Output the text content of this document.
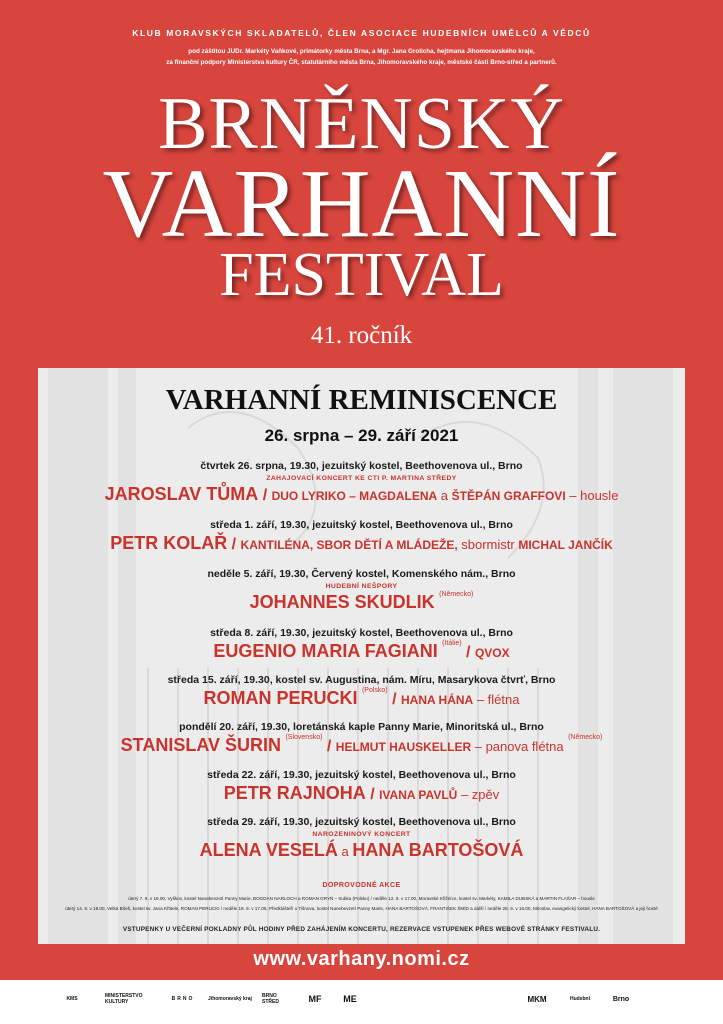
KLUB MORAVSKÝCH SKLADATELŮ, ČLEN ASOCIACE HUDEBNÍCH UMĚLCŮ A VĚDCŮ
pod záštitou JUDr. Markéty Vaňkové, primátorky města Brna, a Mgr. Jana Grolicha, hejtmana Jihomoravského kraje,
za finanční podpory Ministerstva kultury ČR, statutárního města Brna, Jihomoravského kraje, městské části Brno-střed a partnerů.
BRNĚNSKÝ
VARHANNÍ
FESTIVAL
41. ročník
VARHANNÍ REMINISCENCE
26. srpna – 29. září 2021
čtvrtek 26. srpna, 19.30, jezuitský kostel, Beethovenova ul., Brno
ZAHAJOVACÍ KONCERT KE CTI P. MARTINA STŘEDY
JAROSLAV TŮMA / DUO LYRIKO – MAGDALENA a ŠTĚPÁN GRAFFOVI – housle
středa 1. září, 19.30, jezuitský kostel, Beethovenova ul., Brno
PETR KOLAŘ / KANTILÉNA, SBOR DĚTÍ A MLÁDEŽE, sbormistr MICHAL JANČÍK
neděle 5. září, 19.30, Červený kostel, Komenského nám., Brno
HUDEBNÍ NEŠPORY
JOHANNES SKUDLIK $^{(Německo)}$
středa 8. září, 19.30, jezuitský kostel, Beethovenova ul., Brno
EUGENIO MARIA FAGIANI $^{(Itálie)}$ / QVOX
středa 15. září, 19.30, kostel sv. Augustina, nám. Míru, Masarykova čtvrť, Brno
ROMAN PERUCKI $^{(Polsko)}$ / HANA HÁNA – flétna
pondělí 20. září, 19.30, loretánská kaple Panny Marie, Minoritská ul., Brno
STANISLAV ŠURIN $^{(Slovensko)}$ / HELMUT HAUSKELLER – panova flétna $^{(Německo)}$
středa 22. září, 19.30, jezuitský kostel, Beethovenova ul., Brno
PETR RAJNOHA / IVANA PAVLŮ – zpěv
středa 29. září, 19.30, jezuitský kostel, Beethovenova ul., Brno
NAROZENINOVÝ KONCERT
ALENA VESELÁ a HANA BARTOŠOVÁ
DOPROVODNÉ AKCE
úterý 7. 9. v 19.00, Vyškov, kostel Nanebevzetí Panny Marie, BOGDAN NARLOCH a ROMAN GRYŃ – trubka (Polsko) / neděle 12. 9. v 17.00, Moravské Křižníce, kostel sv. Markéty, KAMILA DUBSKÁ a MARTIN FLAŠAR – housle
úterý 14. 9. v 19.00, Velká Bíteš, kostel sv. Jana Křtitele, ROMAN PERUCKI / neděle 19. 9. v 17.00, Předklášteří u Tišnova, kostel Nanebevzetí Panny Marie, HANA BARTOŠOVÁ, FRANTIŠEK ŠMÍD a další / neděle 26. 9. v 16.00, Miroslav, evangelický kostel, HANA BARTOŠOVÁ a její hosté
VSTUPENKY U VEČERNÍ POKLADNY PŮL HODINY PŘED ZAHÁJENÍM KONCERTU, REZERVACE VSTUPENEK PŘES WEBOVÉ STRÁNKY FESTIVALU.
www.varhany.nomi.cz
KMS	MINISTERSTVO KULTURY	BRNO	Jihomoravský kraj	BRNO STŘED	MF	ME	Hudební
MKM	Brno
